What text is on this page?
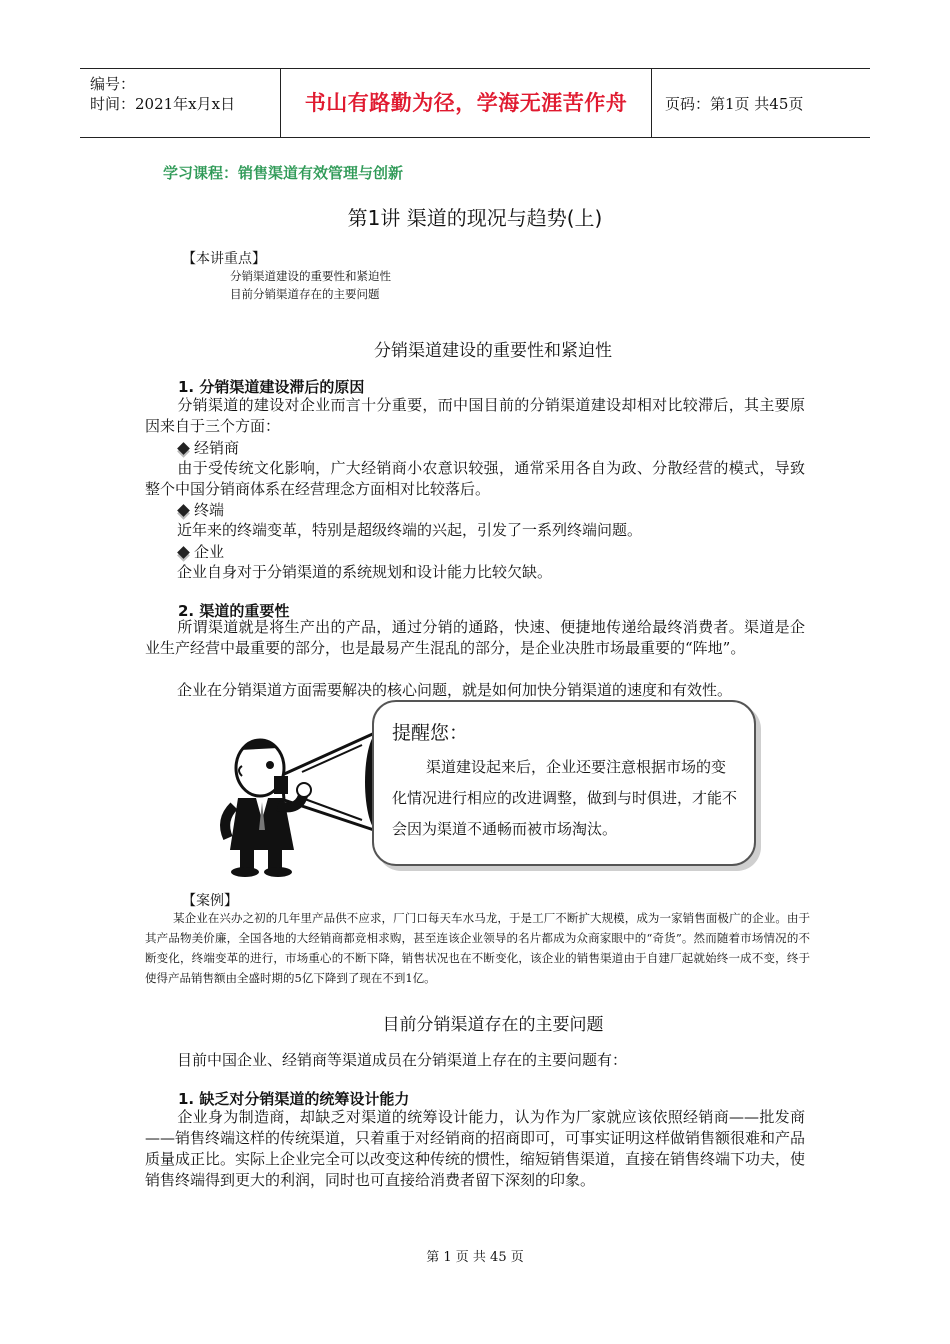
编号：
时间：2021年x月x日	书山有路勤为径，学海无涯苦作舟	页码：第1页 共45页
学习课程：销售渠道有效管理与创新
第1讲 渠道的现况与趋势(上)
【本讲重点】
分销渠道建设的重要性和紧迫性
目前分销渠道存在的主要问题
分销渠道建设的重要性和紧迫性
1. 分销渠道建设滞后的原因
分销渠道的建设对企业而言十分重要，而中国目前的分销渠道建设却相对比较滞后，其主要原因来自于三个方面：
经销商
由于受传统文化影响，广大经销商小农意识较强，通常采用各自为政、分散经营的模式，导致整个中国分销商体系在经营理念方面相对比较落后。
终端
近年来的终端变革，特别是超级终端的兴起，引发了一系列终端问题。
企业
企业自身对于分销渠道的系统规划和设计能力比较欠缺。
2. 渠道的重要性
所谓渠道就是将生产出的产品，通过分销的通路，快速、便捷地传递给最终消费者。渠道是企业生产经营中最重要的部分，也是最易产生混乱的部分，是企业决胜市场最重要的“阵地”。
企业在分销渠道方面需要解决的核心问题，就是如何加快分销渠道的速度和有效性。
提醒您：
渠道建设起来后，企业还要注意根据市场的变化情况进行相应的改进调整，做到与时俱进，才能不会因为渠道不通畅而被市场淘汰。
【案例】
某企业在兴办之初的几年里产品供不应求，厂门口每天车水马龙，于是工厂不断扩大规模，成为一家销售面极广的企业。由于其产品物美价廉，全国各地的大经销商都竞相求购，甚至连该企业领导的名片都成为众商家眼中的“奇货”。然而随着市场情况的不断变化，终端变革的进行，市场重心的不断下降，销售状况也在不断变化，该企业的销售渠道由于自建厂起就始终一成不变，终于使得产品销售额由全盛时期的5亿下降到了现在不到1亿。
目前分销渠道存在的主要问题
目前中国企业、经销商等渠道成员在分销渠道上存在的主要问题有：
1. 缺乏对分销渠道的统筹设计能力
企业身为制造商，却缺乏对渠道的统筹设计能力，认为作为厂家就应该依照经销商——批发商——销售终端这样的传统渠道，只着重于对经销商的招商即可，可事实证明这样做销售额很难和产品质量成正比。实际上企业完全可以改变这种传统的惯性，缩短销售渠道，直接在销售终端下功夫，使销售终端得到更大的利润，同时也可直接给消费者留下深刻的印象。
第 1 页 共 45 页
